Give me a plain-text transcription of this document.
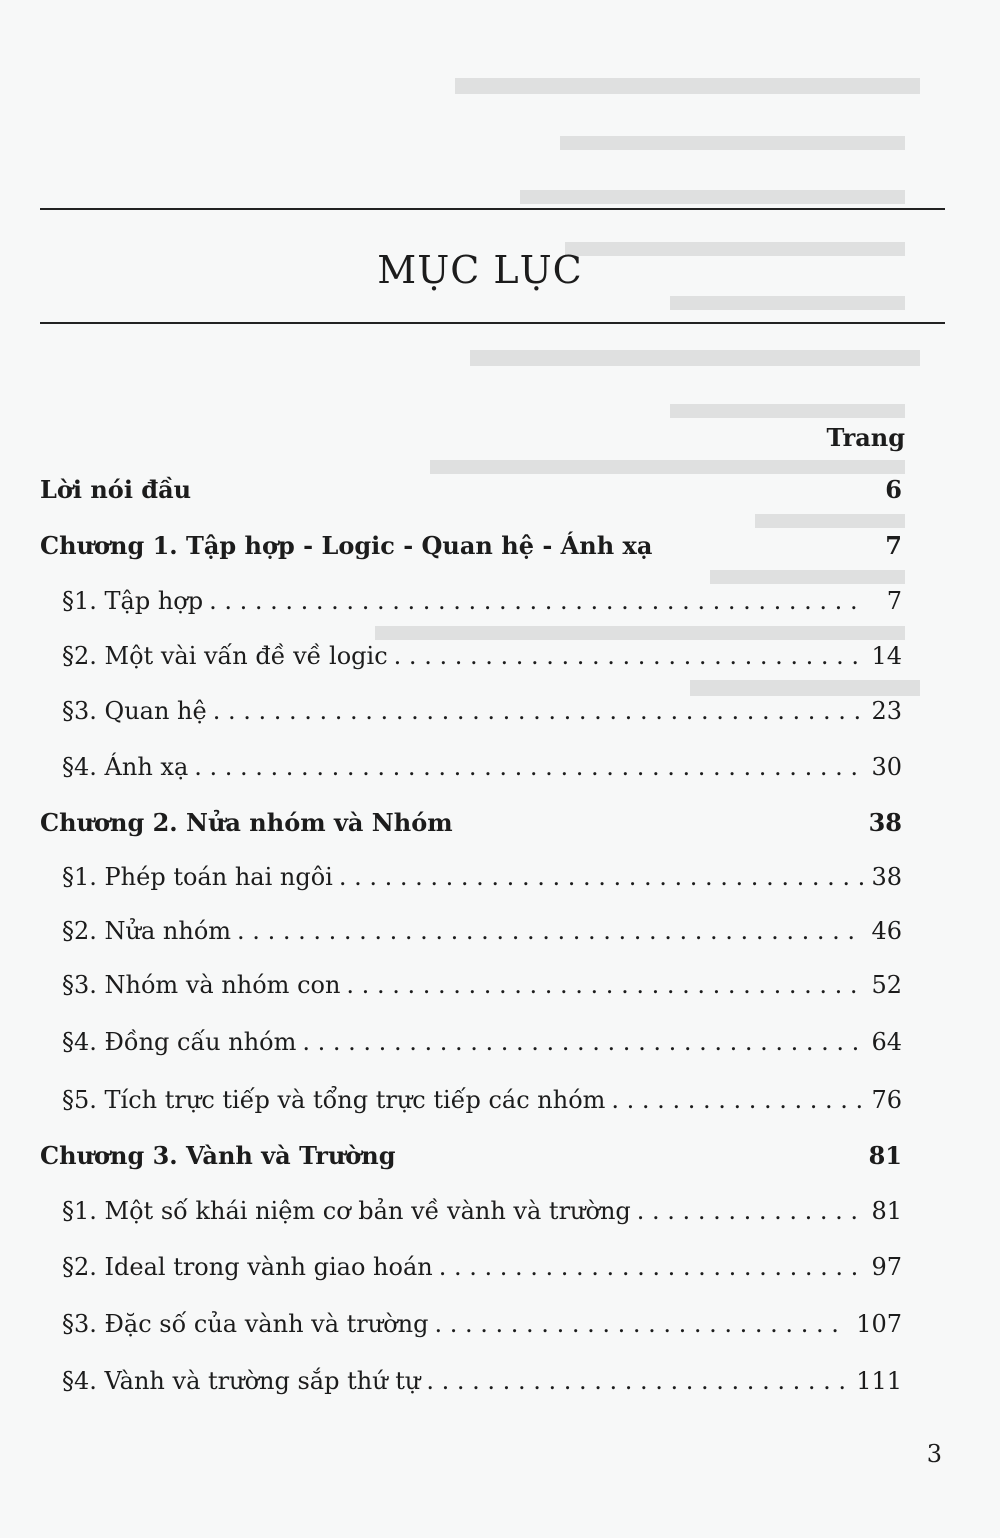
MỤC LỤC
Trang
Lời nói đầu	6
Chương 1. Tập hợp - Logic - Quan hệ - Ánh xạ	7
§1. Tập hợp . . .	7
§2. Một vài vấn đề về logic . . .	14
§3. Quan hệ . . .	23
§4. Ánh xạ . . .	30
Chương 2. Nửa nhóm và Nhóm	38
§1. Phép toán hai ngôi . . .	38
§2. Nửa nhóm . . .	46
§3. Nhóm và nhóm con . . .	52
§4. Đồng cấu nhóm . . .	64
§5. Tích trực tiếp và tổng trực tiếp các nhóm . . .	76
Chương 3. Vành và Trường	81
§1. Một số khái niệm cơ bản về vành và trường . . .	81
§2. Ideal trong vành giao hoán . . .	97
§3. Đặc số của vành và trường . . .	107
§4. Vành và trường sắp thứ tự . . .	111
3
